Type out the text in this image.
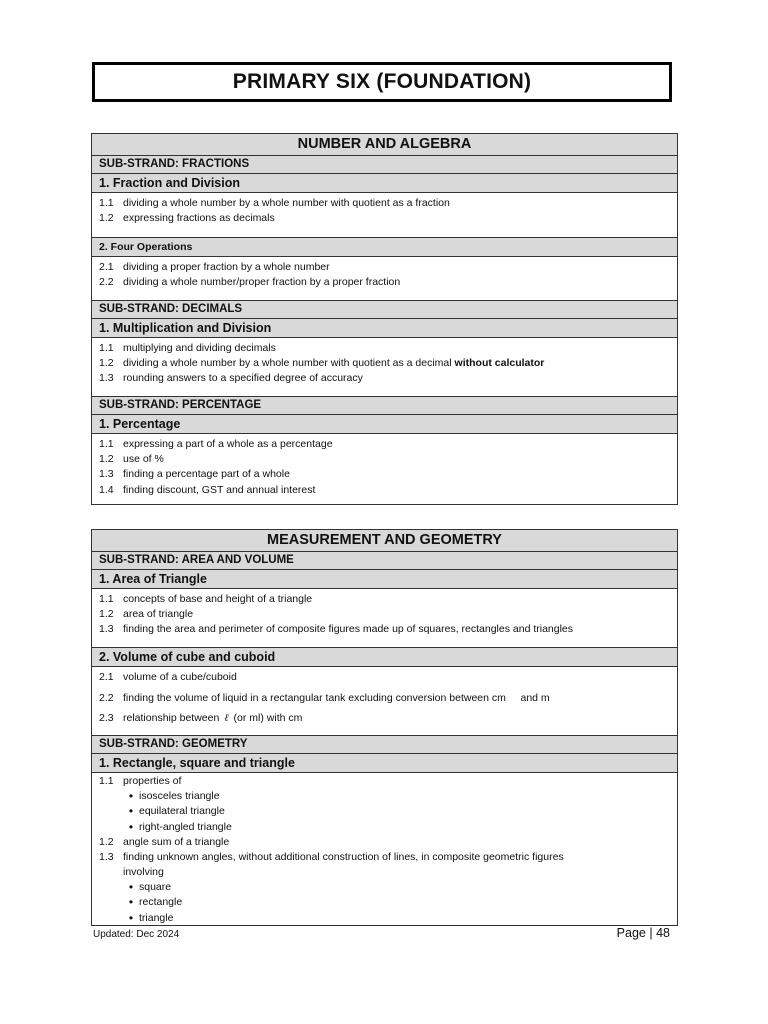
PRIMARY SIX (FOUNDATION)
NUMBER AND ALGEBRA
SUB-STRAND: FRACTIONS
1. Fraction and Division
1.1 dividing a whole number by a whole number with quotient as a fraction
1.2 expressing fractions as decimals
2. Four Operations
2.1 dividing a proper fraction by a whole number
2.2 dividing a whole number/proper fraction by a proper fraction
SUB-STRAND: DECIMALS
1. Multiplication and Division
1.1 multiplying and dividing decimals
1.2 dividing a whole number by a whole number with quotient as a decimal without calculator
1.3 rounding answers to a specified degree of accuracy
SUB-STRAND: PERCENTAGE
1. Percentage
1.1 expressing a part of a whole as a percentage
1.2 use of %
1.3 finding a percentage part of a whole
1.4 finding discount, GST and annual interest
MEASUREMENT AND GEOMETRY
SUB-STRAND: AREA AND VOLUME
1. Area of Triangle
1.1 concepts of base and height of a triangle
1.2 area of triangle
1.3 finding the area and perimeter of composite figures made up of squares, rectangles and triangles
2. Volume of cube and cuboid
2.1 volume of a cube/cuboid
2.2 finding the volume of liquid in a rectangular tank excluding conversion between cm     and m
2.3 relationship between ℓ (or ml) with cm
SUB-STRAND: GEOMETRY
1. Rectangle, square and triangle
1.1 properties of
• isosceles triangle
• equilateral triangle
• right-angled triangle
1.2 angle sum of a triangle
1.3 finding unknown angles, without additional construction of lines, in composite geometric figures
involving
• square
• rectangle
• triangle
Updated: Dec 2024	Page | 48
